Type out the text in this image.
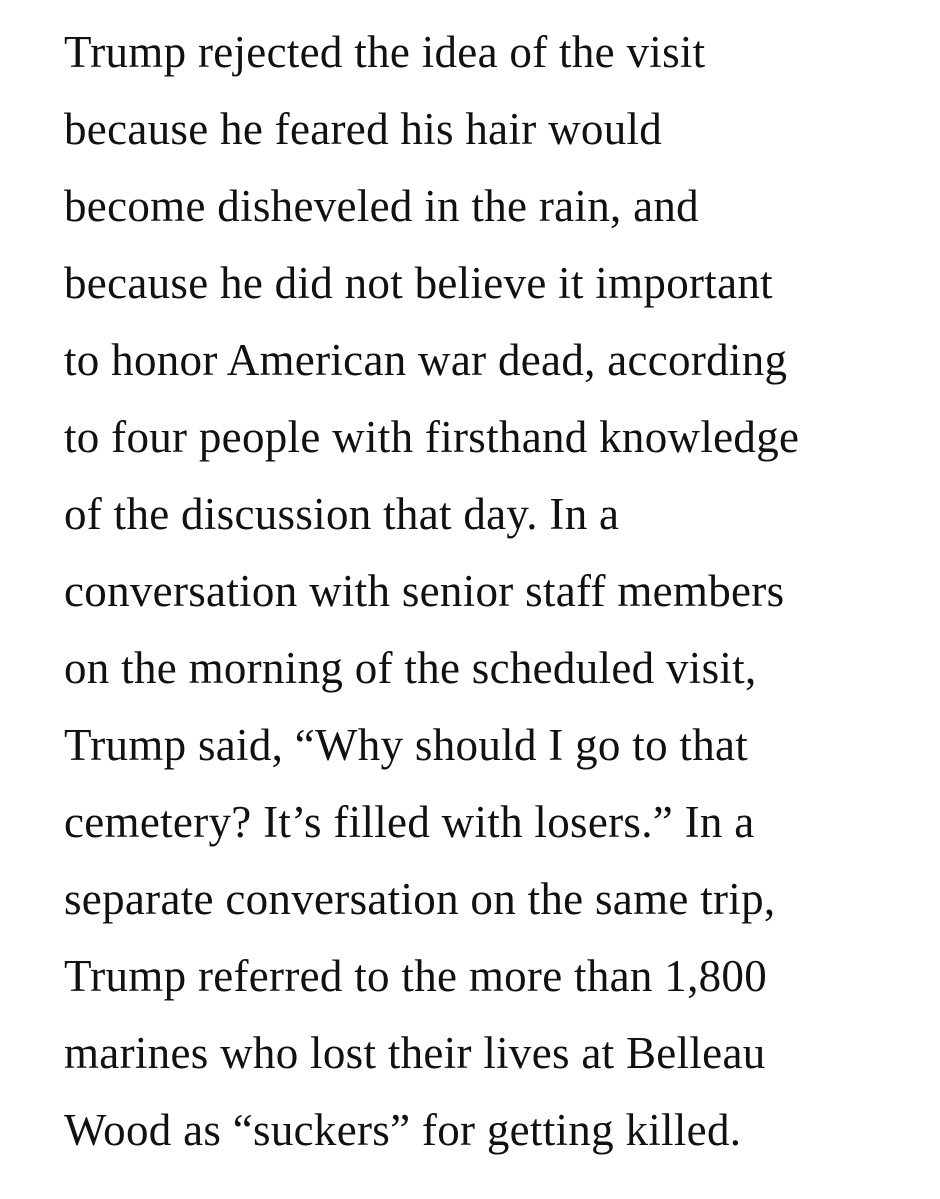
Trump rejected the idea of the visit
because he feared his hair would
become disheveled in the rain, and
because he did not believe it important
to honor American war dead, according
to four people with firsthand knowledge
of the discussion that day. In a
conversation with senior staff members
on the morning of the scheduled visit,
Trump said, “Why should I go to that
cemetery? It’s filled with losers.” In a
separate conversation on the same trip,
Trump referred to the more than 1,800
marines who lost their lives at Belleau
Wood as “suckers” for getting killed.
